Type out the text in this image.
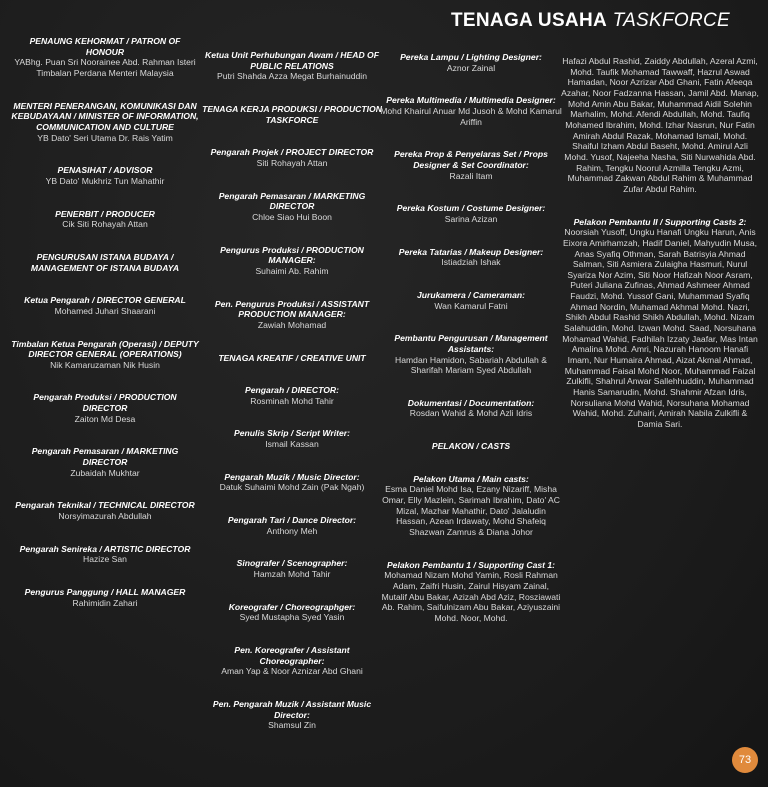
TENAGA USAHA TASKFORCE
PENAUNG KEHORMAT / PATRON OF HONOUR
YABhg. Puan Sri Noorainee Abd. Rahman Isteri Timbalan Perdana Menteri Malaysia
MENTERI PENERANGAN, KOMUNIKASI DAN KEBUDAYAAN / MINISTER OF INFORMATION, COMMUNICATION AND CULTURE
YB Dato' Seri Utama Dr. Rais Yatim
PENASIHAT / ADVISOR
YB Dato' Mukhriz Tun Mahathir
PENERBIT / PRODUCER
Cik Siti Rohayah Attan
PENGURUSAN ISTANA BUDAYA / MANAGEMENT OF ISTANA BUDAYA
Ketua Pengarah / DIRECTOR GENERAL
Mohamed Juhari Shaarani
Timbalan Ketua Pengarah (Operasi) / DEPUTY DIRECTOR GENERAL (OPERATIONS)
Nik Kamaruzaman Nik Husin
Pengarah Produksi / PRODUCTION DIRECTOR
Zaiton Md Desa
Pengarah Pemasaran / MARKETING DIRECTOR
Zubaidah Mukhtar
Pengarah Teknikal / TECHNICAL DIRECTOR
Norsyimazurah Abdullah
Pengarah Senireka / ARTISTIC DIRECTOR
Hazize San
Pengurus Panggung / HALL MANAGER
Rahimidin Zahari
Ketua Unit Perhubungan Awam / HEAD OF PUBLIC RELATIONS
Putri Shahda Azza Megat Burhainuddin
TENAGA KERJA PRODUKSI / PRODUCTION TASKFORCE
Pengarah Projek / PROJECT DIRECTOR
Siti Rohayah Attan
Pengarah Pemasaran / MARKETING DIRECTOR
Chloe Siao Hui Boon
Pengurus Produksi / PRODUCTION MANAGER:
Suhaimi Ab. Rahim
Pen. Pengurus Produksi / ASSISTANT PRODUCTION MANAGER:
Zawiah Mohamad
TENAGA KREATIF / CREATIVE UNIT
Pengarah / DIRECTOR:
Rosminah Mohd Tahir
Penulis Skrip / Script Writer:
Ismail Kassan
Pengarah Muzik / Music Director:
Datuk Suhaimi Mohd Zain (Pak Ngah)
Pengarah Tari / Dance Director:
Anthony Meh
Sinografer / Scenographer:
Hamzah Mohd Tahir
Koreografer / Choreographger:
Syed Mustapha Syed Yasin
Pen. Koreografer / Assistant Choreographer:
Aman Yap & Noor Aznizar Abd Ghani
Pen. Pengarah Muzik / Assistant Music Director:
Shamsul Zin
Pereka Lampu / Lighting Designer:
Aznor Zainal
Pereka Multimedia / Multimedia Designer:
Mohd Khairul Anuar Md Jusoh & Mohd Kamarul Ariffin
Pereka Prop & Penyelaras Set / Props Designer & Set Coordinator:
Razali Itam
Pereka Kostum / Costume Designer:
Sarina Azizan
Pereka Tatarias / Makeup Designer:
Istiadziah Ishak
Jurukamera / Cameraman:
Wan Kamarul Fatni
Pembantu Pengurusan / Management Assistants:
Hamdan Hamidon, Sabariah Abdullah & Sharifah Mariam Syed Abdullah
Dokumentasi / Documentation:
Rosdan Wahid & Mohd Azli Idris
PELAKON / CASTS
Pelakon Utama / Main casts:
Esma Daniel Mohd Isa, Ezany Nizariff, Misha Omar, Elly Mazlein, Sarimah Ibrahim, Dato' AC Mizal, Mazhar Mahathir, Dato' Jalaludin Hassan, Azean Irdawaty, Mohd Shafeiq Shazwan Zamrus & Diana Johor
Pelakon Pembantu 1 / Supporting Cast 1:
Mohamad Nizam Mohd Yamin, Rosli Rahman Adam, Zaifri Husin, Zairul Hisyam Zainal, Mutalif Abu Bakar, Azizah Abd Aziz, Rosziawati Ab. Rahim, Saifulnizam Abu Bakar, Aziyuszaini Mohd. Noor, Mohd.
Hafazi Abdul Rashid, Zaiddy Abdullah, Azeral Azmi, Mohd. Taufik Mohamad Tawwaff, Hazrul Aswad Hamadan, Noor Azrizar Abd Ghani, Fatin Afeeqa Azahar, Noor Fadzanna Hassan, Jamil Abd. Manap, Mohd Amin Abu Bakar, Muhammad Aidil Solehin Marhalim, Mohd. Afendi Abdullah, Mohd. Taufiq Mohamed Ibrahim, Mohd. Izhar Nasrun, Nur Fatin Amirah Abdul Razak, Mohamad Ismail, Mohd. Shaiful Izham Abdul Baseht, Mohd. Amirul Azli Mohd. Yusof, Najeeha Nasha, Siti Nurwahida Abd. Rahim, Tengku Noorul Azmilla Tengku Azmi, Muhammad Zakwan Abdul Rahim & Muhammad Zufar Abdul Rahim.
Pelakon Pembantu II / Supporting Casts 2:
Noorsiah Yusoff, Ungku Hanafi Ungku Harun, Anis Eixora Amirhamzah, Hadif Daniel, Mahyudin Musa, Anas Syafiq Othman, Sarah Batrisyia Ahmad Salman, Siti Asmiera Zulaigha Hasmuri, Nurul Syariza Nor Azim, Siti Noor Hafizah Noor Asram, Puteri Juliana Zufinas, Ahmad Ashmeer Ahmad Faudzi, Mohd. Yussof Gani, Muhammad Syafiq Ahmad Nordin, Muhamad Akhmal Mohd. Nazri, Shikh Abdul Rashid Shikh Abdullah, Mohd. Nizam Salahuddin, Mohd. Izwan Mohd. Saad, Norsuhana Mohamad Wahid, Fadhilah Izzaty Jaafar, Mas Intan Amalina Mohd. Amri, Nazurah Hanoom Hanafi Imam, Nur Humaira Ahmad, Aizat Akmal Ahmad, Muhammad Faisal Mohd Noor, Muhammad Faizal Zulkifli, Shahrul Anwar Sallehhuddin, Muhammad Hanis Samarudin, Mohd. Shahmir Afzan Idris, Norsuliana Mohd Wahid, Norsuhana Mohamad Wahid, Mohd. Zuhairi, Amirah Nabila Zulkifli & Damia Sari.
73
